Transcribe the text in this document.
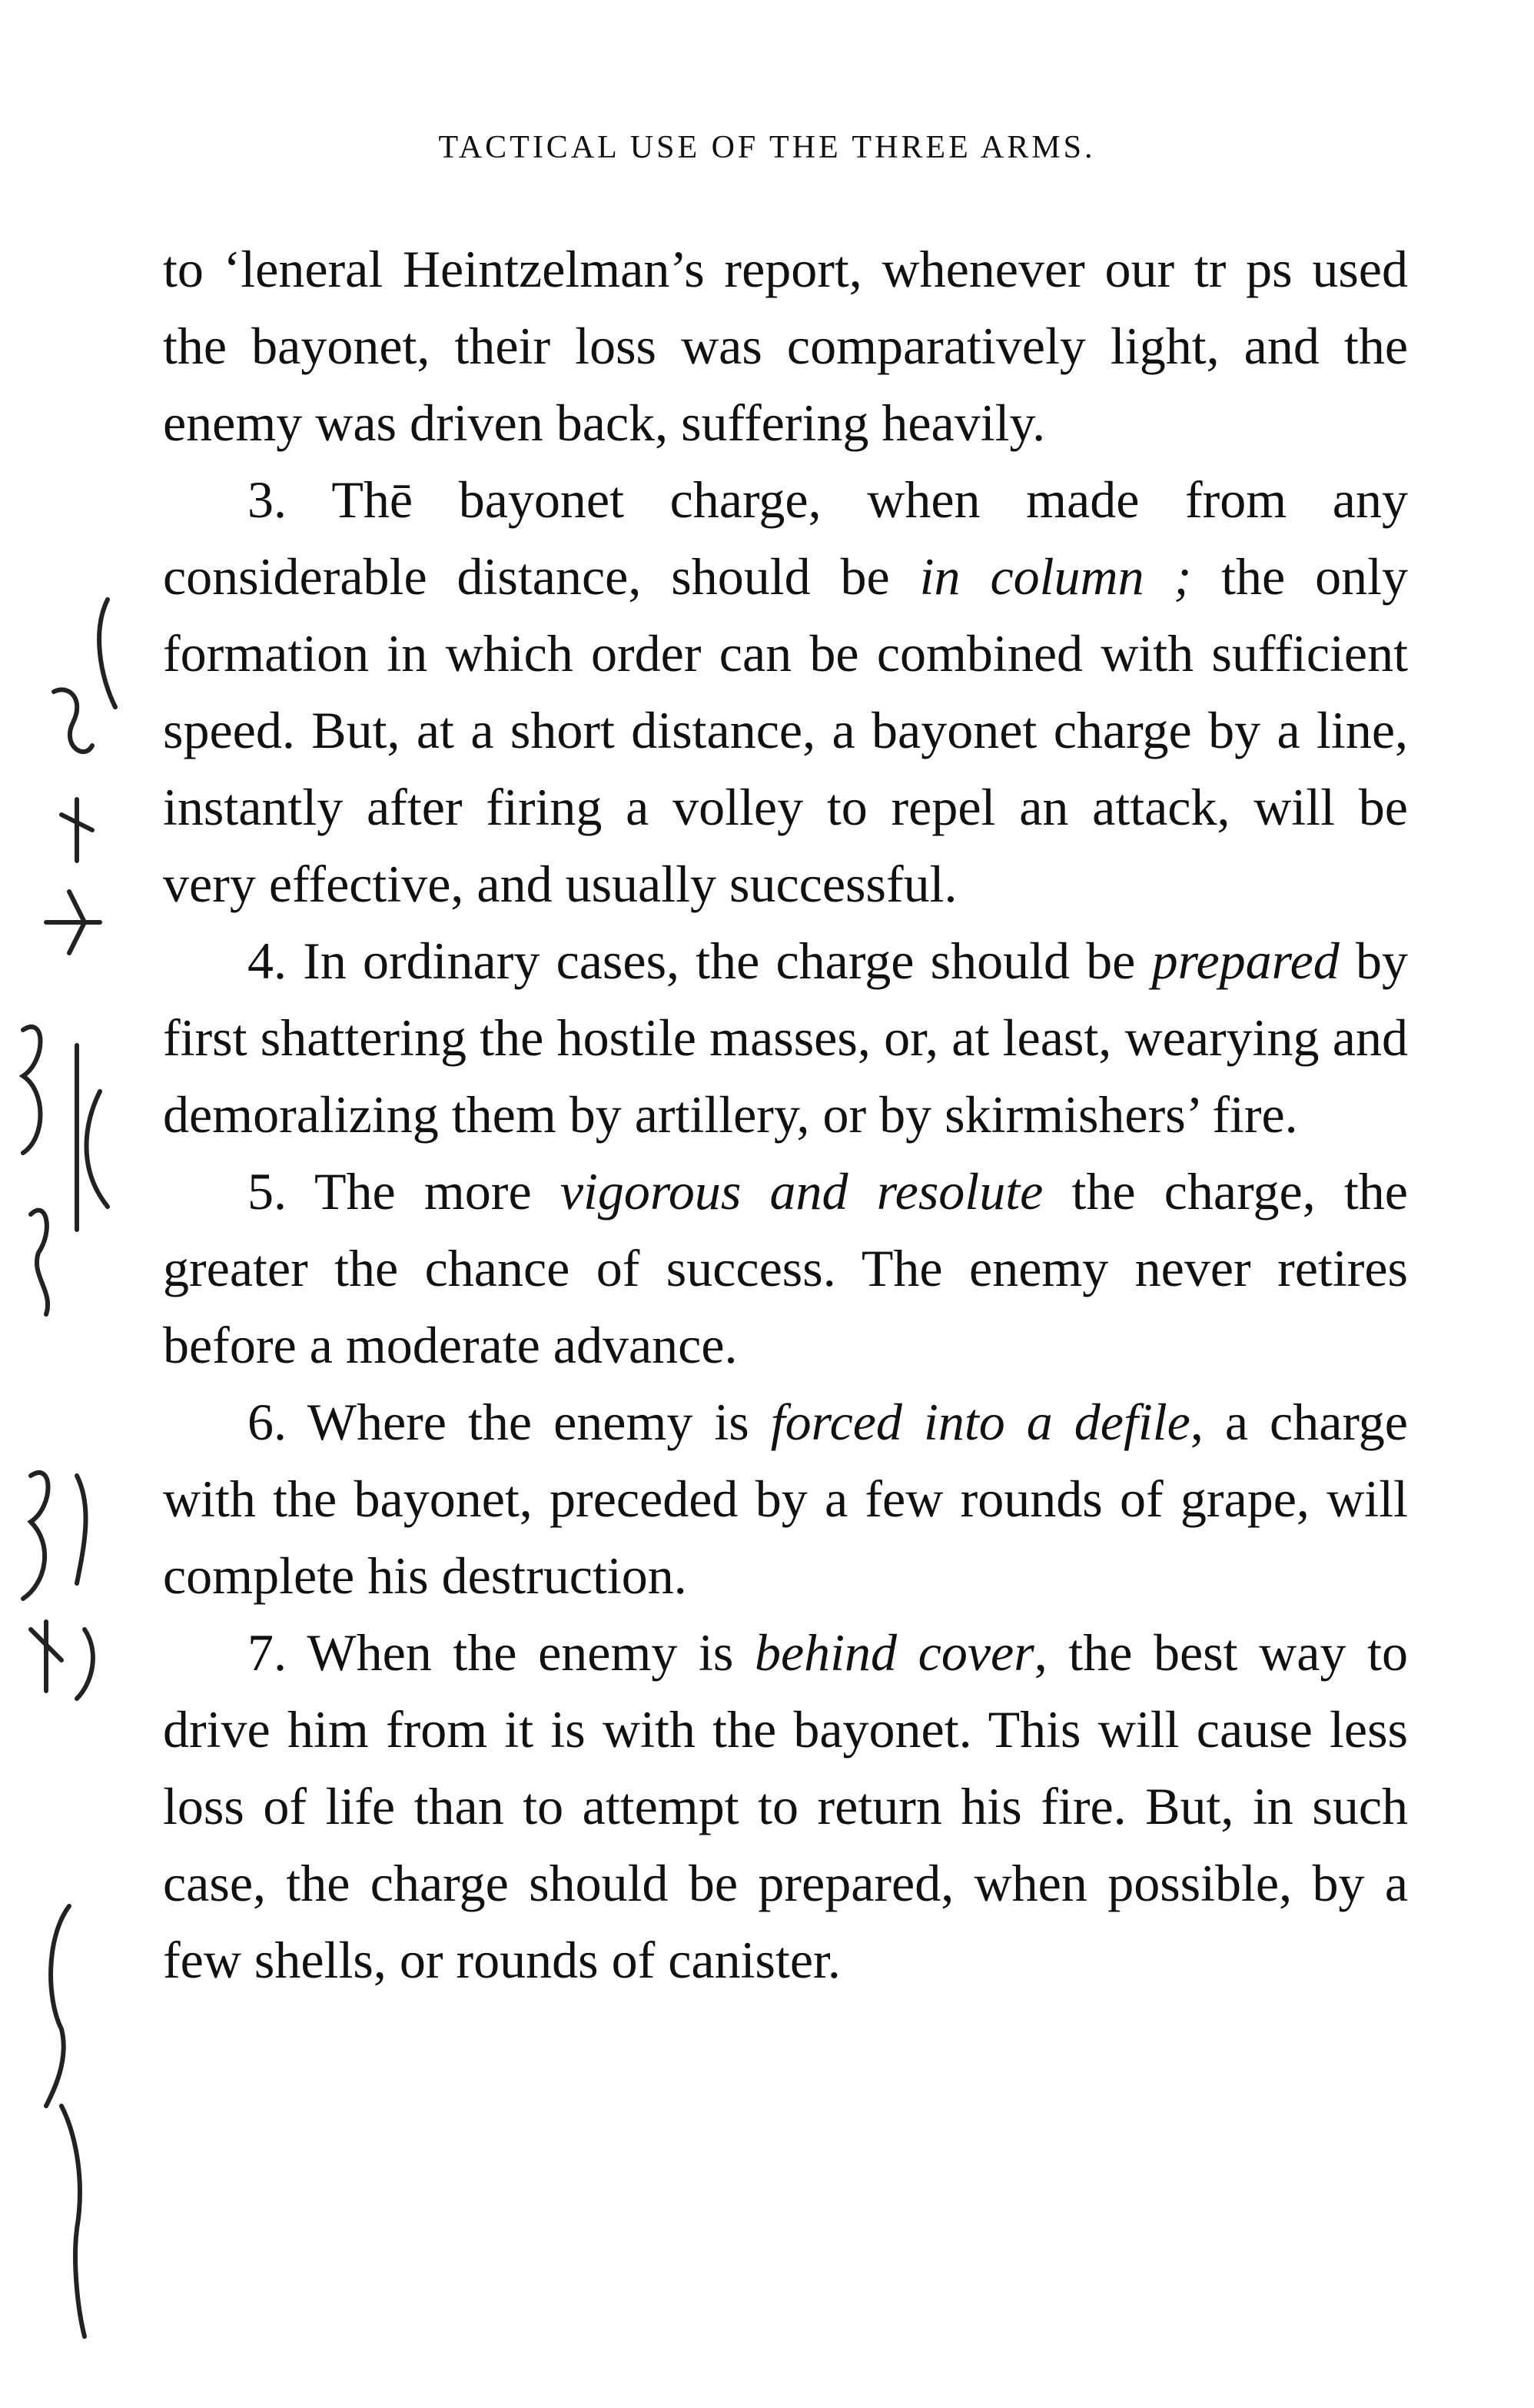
TACTICAL USE OF THE THREE ARMS.

to ‘leneral Heintzelman’s report, whenever our tr ps used the bayonet, their loss was comparatively light, and the enemy was driven back, suffering heavily.

3. Thē bayonet charge, when made from any considerable distance, should be in column ; the only formation in which order can be combined with sufficient speed. But, at a short distance, a bayonet charge by a line, instantly after firing a volley to repel an attack, will be very effective, and usually successful.

4. In ordinary cases, the charge should be prepared by first shattering the hostile masses, or, at least, wearying and demoralizing them by artillery, or by skirmishers’ fire.

5. The more vigorous and resolute the charge, the greater the chance of success. The enemy never retires before a moderate advance.

6. Where the enemy is forced into a defile, a charge with the bayonet, preceded by a few rounds of grape, will complete his destruction.

7. When the enemy is behind cover, the best way to drive him from it is with the bayonet. This will cause less loss of life than to attempt to return his fire. But, in such case, the charge should be prepared, when possible, by a few shells, or rounds of canister.
